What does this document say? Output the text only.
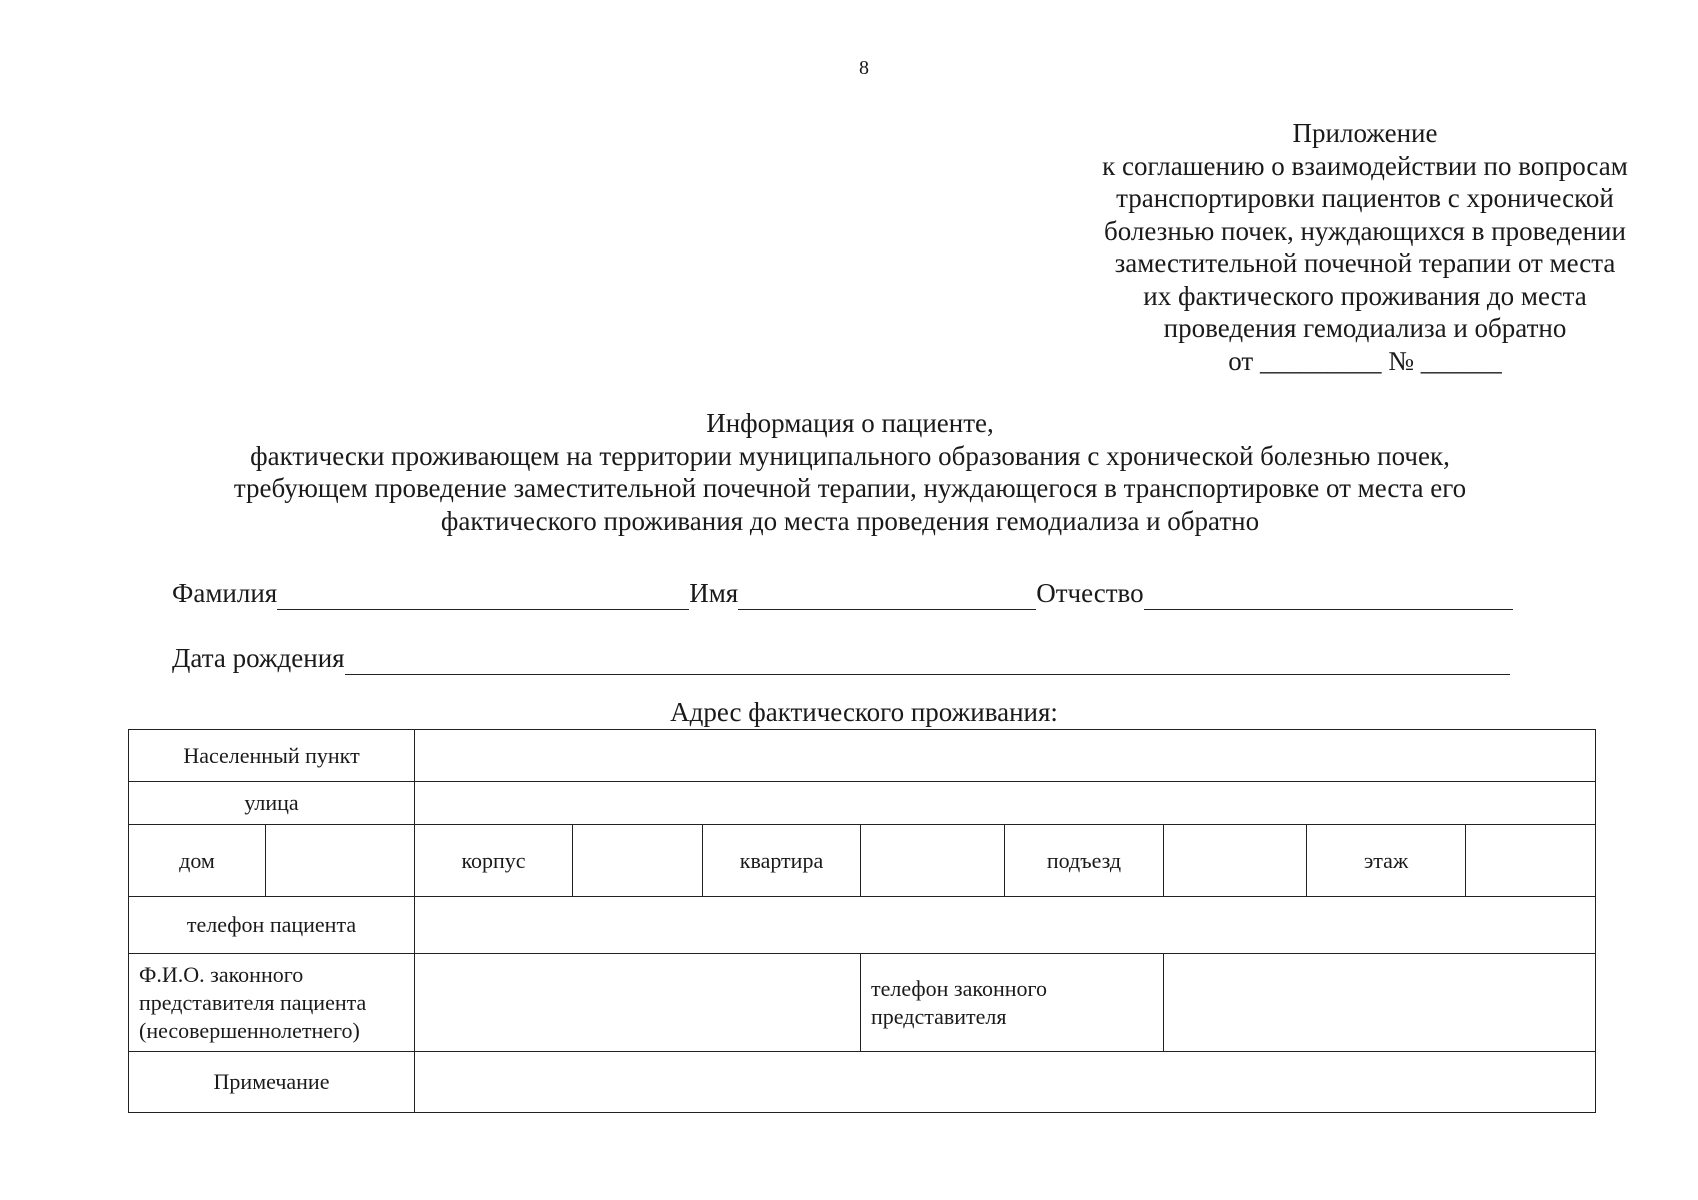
8
Приложение
к соглашению о взаимодействии по вопросам
транспортировки пациентов с хронической
болезнью почек, нуждающихся в проведении
заместительной почечной терапии от места
их фактического проживания до места
проведения гемодиализа и обратно
от _________ № ______
Информация о пациенте,
фактически проживающем на территории муниципального образования с хронической болезнью почек,
требующем проведение заместительной почечной терапии, нуждающегося в транспортировке от места его
фактического проживания до места проведения гемодиализа и обратно
Фамилия	Имя	Отчество
Дата рождения
Адрес фактического проживания:
Населенный пункт									
улица									
дом		корпус		квартира		подъезд		этаж	
телефон пациента									
Ф.И.О. законного представителя пациента (несовершеннолетнего)					телефон законного представителя				
Примечание									
